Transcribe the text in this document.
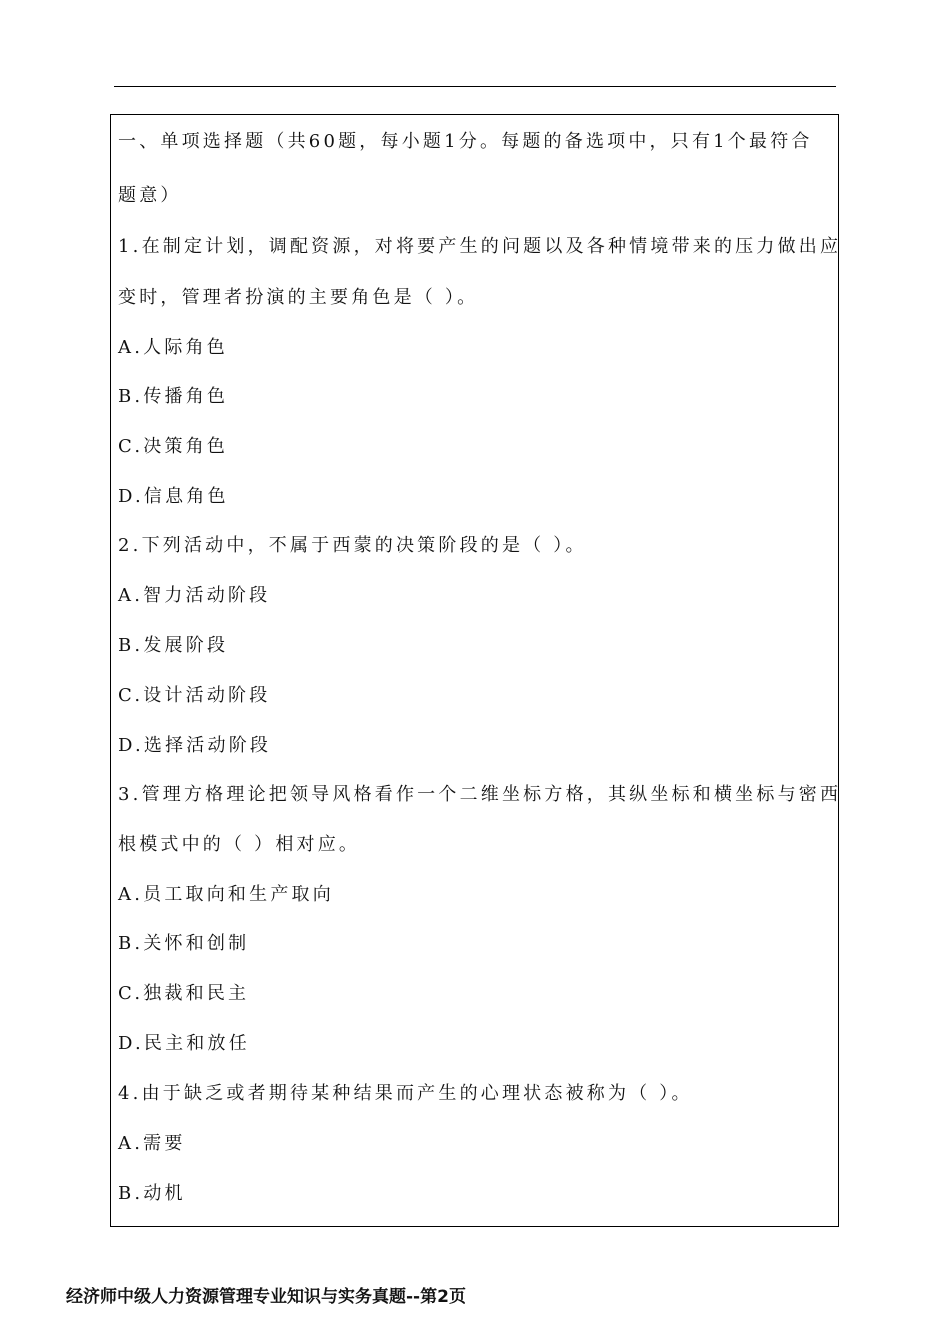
一、单项选择题（共60题，每小题1分。每题的备选项中，只有1个最符合
题意）
1.在制定计划，调配资源，对将要产生的问题以及各种情境带来的压力做出应
变时，管理者扮演的主要角色是（ ）。
A.人际角色
B.传播角色
C.决策角色
D.信息角色
2.下列活动中，不属于西蒙的决策阶段的是（ ）。
A.智力活动阶段
B.发展阶段
C.设计活动阶段
D.选择活动阶段
3.管理方格理论把领导风格看作一个二维坐标方格，其纵坐标和横坐标与密西
根模式中的（ ）相对应。
A.员工取向和生产取向
B.关怀和创制
C.独裁和民主
D.民主和放任
4.由于缺乏或者期待某种结果而产生的心理状态被称为（ ）。
A.需要
B.动机
经济师中级人力资源管理专业知识与实务真题--第2页
